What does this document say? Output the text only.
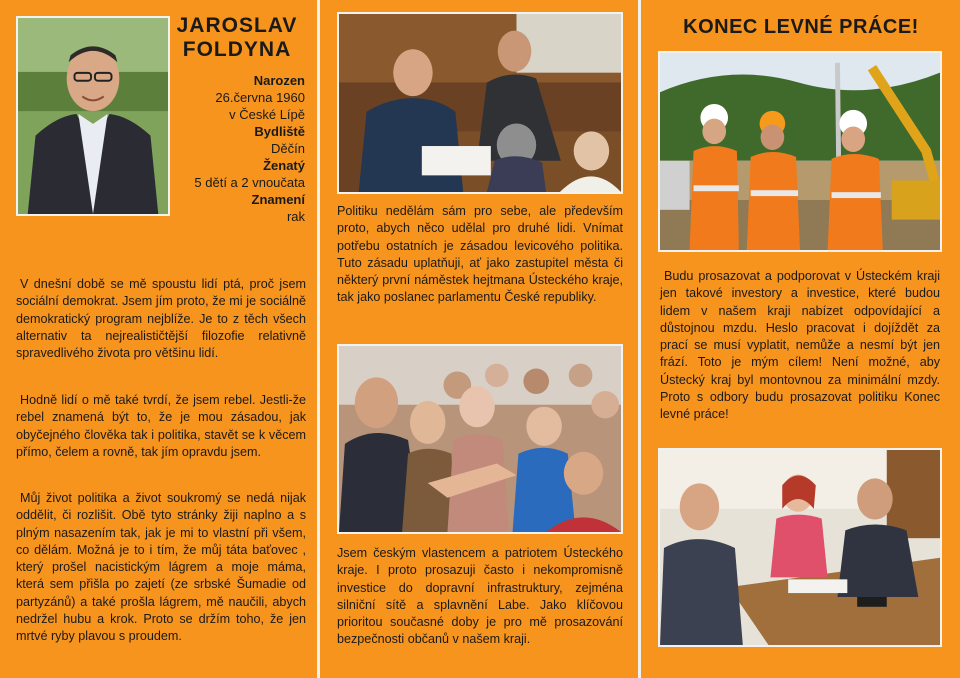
JAROSLAV
FOLDYNA
Narozen
26.června 1960
v České Lípě
Bydliště
Děčín
Ženatý
5 dětí a 2 vnoučata
Znamení
rak

V dnešní době se mě spoustu lidí ptá, proč jsem sociální demokrat. Jsem jím proto, že mi je sociálně demokratický program nejblíže. Je to z těch všech alternativ ta nejrealističtější filozofie relativně spravedlivého života pro většinu lidí.

Hodně lidí o mě také tvrdí, že jsem rebel. Jestli-že rebel znamená být to, že je mou zásadou, jak obyčejného člověka tak i politika, stavět se k věcem přímo, čelem a rovně, tak jím opravdu jsem.

Můj život politika a život soukromý se nedá nijak oddělit, či rozlišit. Obě tyto stránky žiji naplno a s plným nasazením tak, jak je mi to vlastní při všem, co dělám. Možná je to i tím, že můj táta baťovec , který prošel nacistickým lágrem a moje máma, která sem přišla po zajetí (ze srbské Šumadie od partyzánů) a také prošla lágrem, mě naučili, abych nedržel hubu a krok. Proto se držím toho, že jen mrtvé ryby plavou s proudem.

Politiku nedělám sám pro sebe, ale především proto, abych něco udělal pro druhé lidi. Vnímat potřebu ostatních je zásadou levicového politika. Tuto zásadu uplatňuji, ať jako zastupitel města či některý první náměstek hejtmana Ústeckého kraje, tak jako poslanec parlamentu České republiky.

Jsem českým vlastencem a patriotem Ústeckého kraje. I proto prosazuji často i nekompromisně investice do dopravní infrastruktury, zejména silniční sítě a splavnění Labe. Jako klíčovou prioritou současné doby je pro mě prosazování bezpečnosti občanů v našem kraji.

KONEC LEVNÉ PRÁCE!

Budu prosazovat a podporovat v Ústeckém kraji jen takové investory a investice, které budou lidem v našem kraji nabízet odpovídající a důstojnou mzdu. Heslo pracovat i dojíždět za prací se musí vyplatit, nemůže a nesmí být jen frází. Toto je mým cílem! Není možné, aby Ústecký kraj byl montovnou za minimální mzdy. Proto s odbory budu prosazovat politiku Konec levné práce!
